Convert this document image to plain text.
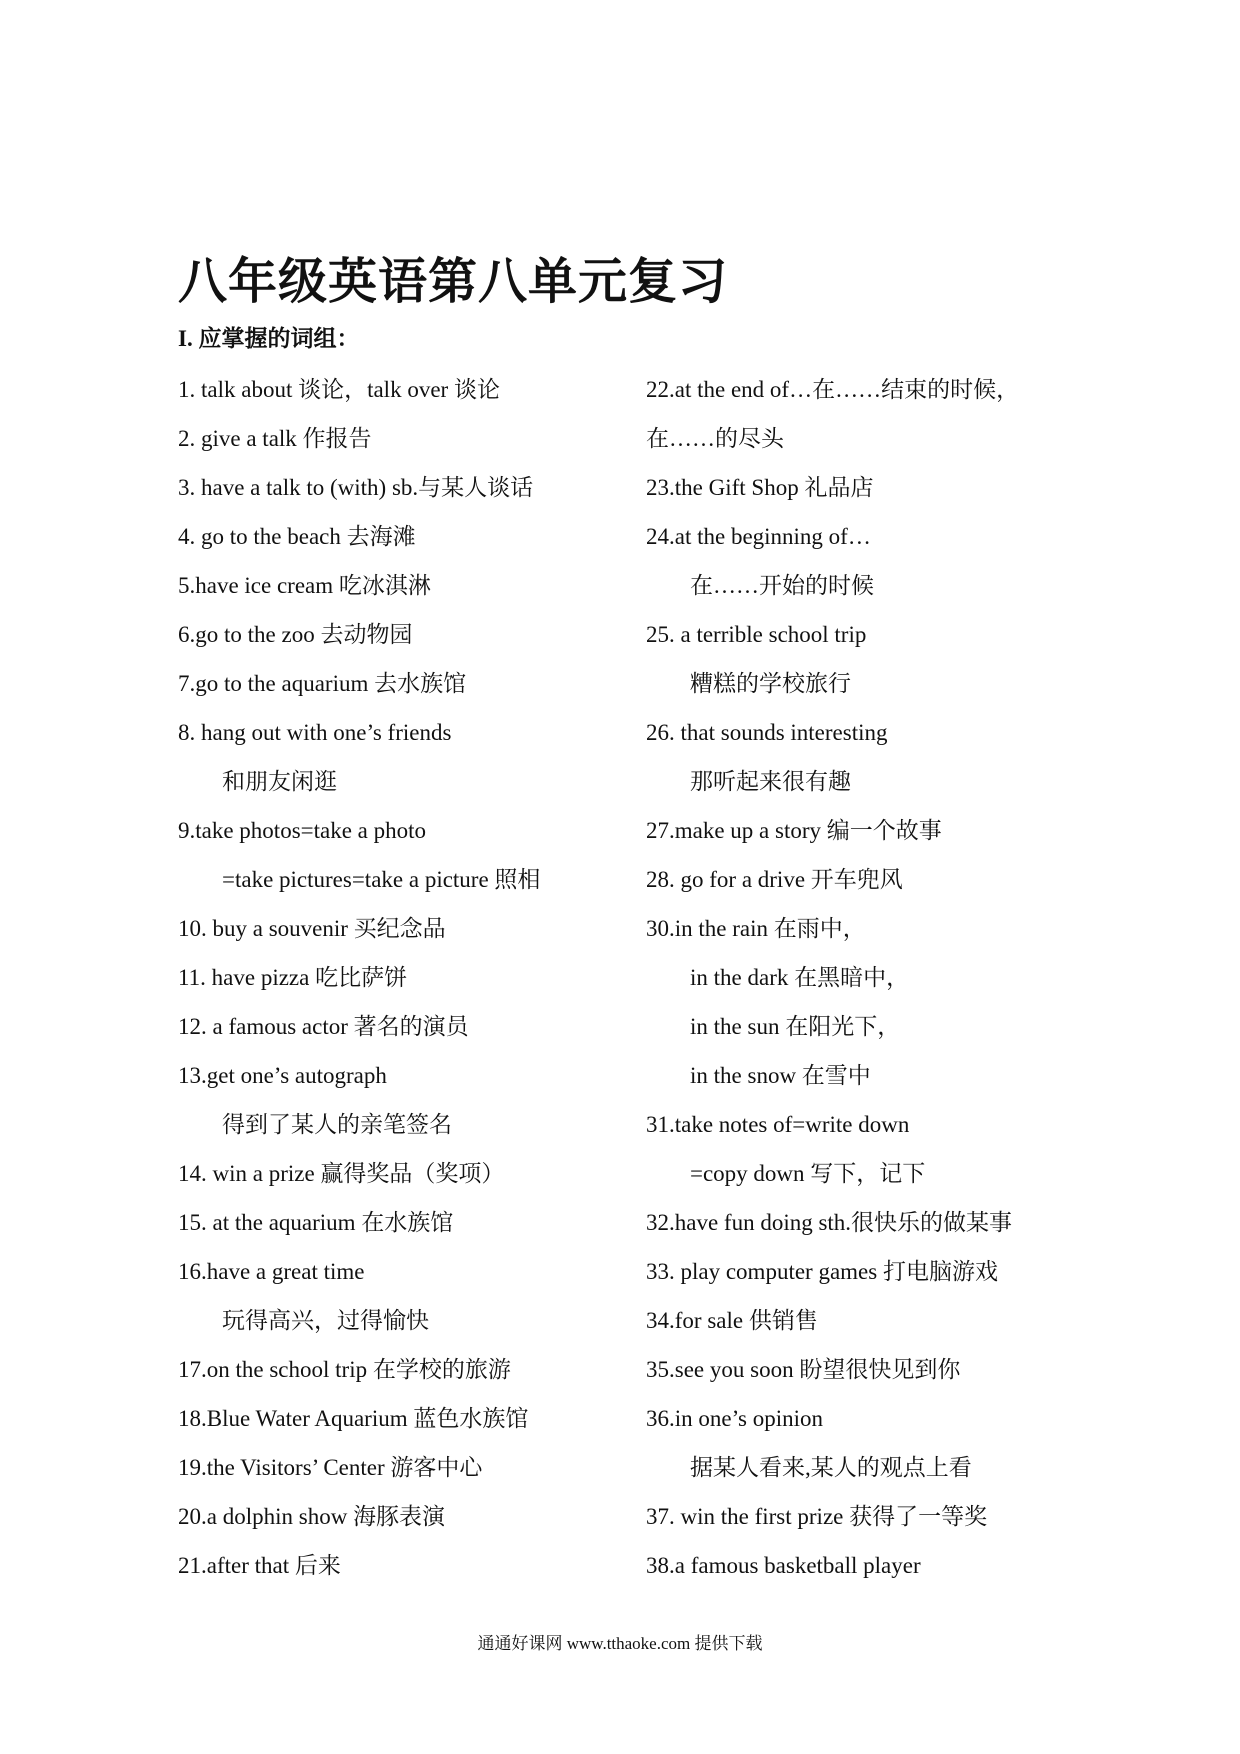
八年级英语第八单元复习
I. 应掌握的词组：
1. talk about 谈论，talk over 谈论
2. give a talk 作报告
3. have a talk to (with) sb.与某人谈话
4. go to the beach 去海滩
5.have ice cream 吃冰淇淋
6.go to the zoo 去动物园
7.go to the aquarium 去水族馆
8. hang out with one’s friends
和朋友闲逛
9.take photos=take a photo
=take pictures=take a picture 照相
10. buy a souvenir 买纪念品
11. have pizza 吃比萨饼
12. a famous actor 著名的演员
13.get one’s autograph
得到了某人的亲笔签名
14. win a prize 赢得奖品（奖项）
15. at the aquarium 在水族馆
16.have a great time
玩得高兴，过得愉快
17.on the school trip 在学校的旅游
18.Blue Water Aquarium 蓝色水族馆
19.the Visitors’ Center 游客中心
20.a dolphin show 海豚表演
21.after that 后来
22.at the end of…在……结束的时候，
在……的尽头
23.the Gift Shop 礼品店
24.at the beginning of…
在……开始的时候
25. a terrible school trip
糟糕的学校旅行
26. that sounds interesting
那听起来很有趣
27.make up a story 编一个故事
28. go for a drive 开车兜风
30.in the rain 在雨中，
in the dark 在黑暗中，
in the sun 在阳光下，
in the snow 在雪中
31.take notes of=write down
=copy down 写下，记下
32.have fun doing sth.很快乐的做某事
33. play computer games 打电脑游戏
34.for sale 供销售
35.see you soon 盼望很快见到你
36.in one’s opinion
据某人看来,某人的观点上看
37. win the first prize 获得了一等奖
38.a famous basketball player
通通好课网 www.tthaoke.com 提供下载
